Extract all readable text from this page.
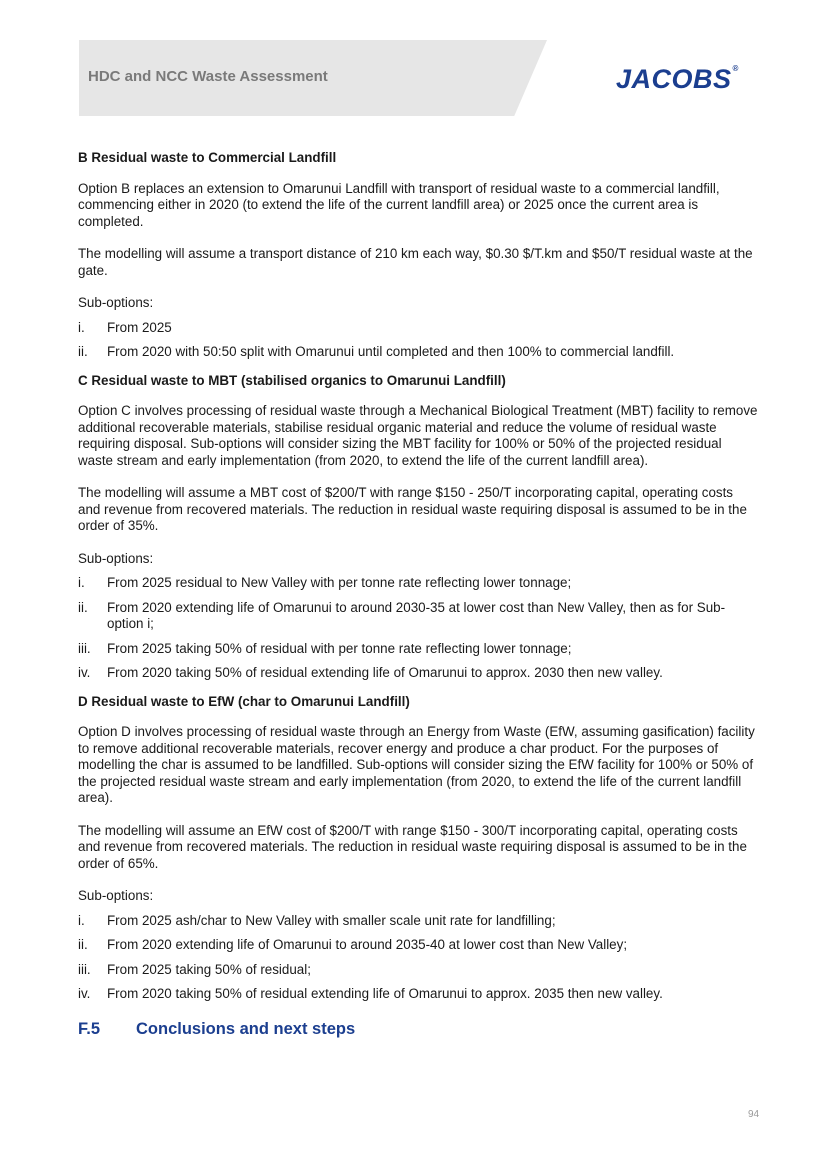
HDC and NCC Waste Assessment	JACOBS®
B Residual waste to Commercial Landfill

Option B replaces an extension to Omarunui Landfill with transport of residual waste to a commercial landfill, commencing either in 2020 (to extend the life of the current landfill area) or 2025 once the current area is completed.

The modelling will assume a transport distance of 210 km each way, $0.30 $/T.km and $50/T residual waste at the gate.

Sub-options:

i.	From 2025
ii.	From 2020 with 50:50 split with Omarunui until completed and then 100% to commercial landfill.
C Residual waste to MBT (stabilised organics to Omarunui Landfill)

Option C involves processing of residual waste through a Mechanical Biological Treatment (MBT) facility to remove additional recoverable materials, stabilise residual organic material and reduce the volume of residual waste requiring disposal. Sub-options will consider sizing the MBT facility for 100% or 50% of the projected residual waste stream and early implementation (from 2020, to extend the life of the current landfill area).

The modelling will assume a MBT cost of $200/T with range $150 - 250/T incorporating capital, operating costs and revenue from recovered materials. The reduction in residual waste requiring disposal is assumed to be in the order of 35%.

Sub-options:

i.	From 2025 residual to New Valley with per tonne rate reflecting lower tonnage;
ii.	From 2020 extending life of Omarunui to around 2030-35 at lower cost than New Valley, then as for Sub-option i;
iii.	From 2025 taking 50% of residual with per tonne rate reflecting lower tonnage;
iv.	From 2020 taking 50% of residual extending life of Omarunui to approx. 2030 then new valley.
D Residual waste to EfW (char to Omarunui Landfill)

Option D involves processing of residual waste through an Energy from Waste (EfW, assuming gasification) facility to remove additional recoverable materials, recover energy and produce a char product. For the purposes of modelling the char is assumed to be landfilled. Sub-options will consider sizing the EfW facility for 100% or 50% of the projected residual waste stream and early implementation (from 2020, to extend the life of the current landfill area).

The modelling will assume an EfW cost of $200/T with range $150 - 300/T incorporating capital, operating costs and revenue from recovered materials. The reduction in residual waste requiring disposal is assumed to be in the order of 65%.

Sub-options:

i.	From 2025 ash/char to New Valley with smaller scale unit rate for landfilling;
ii.	From 2020 extending life of Omarunui to around 2035-40 at lower cost than New Valley;
iii.	From 2025 taking 50% of residual;
iv.	From 2020 taking 50% of residual extending life of Omarunui to approx. 2035 then new valley.
F.5	Conclusions and next steps
94
